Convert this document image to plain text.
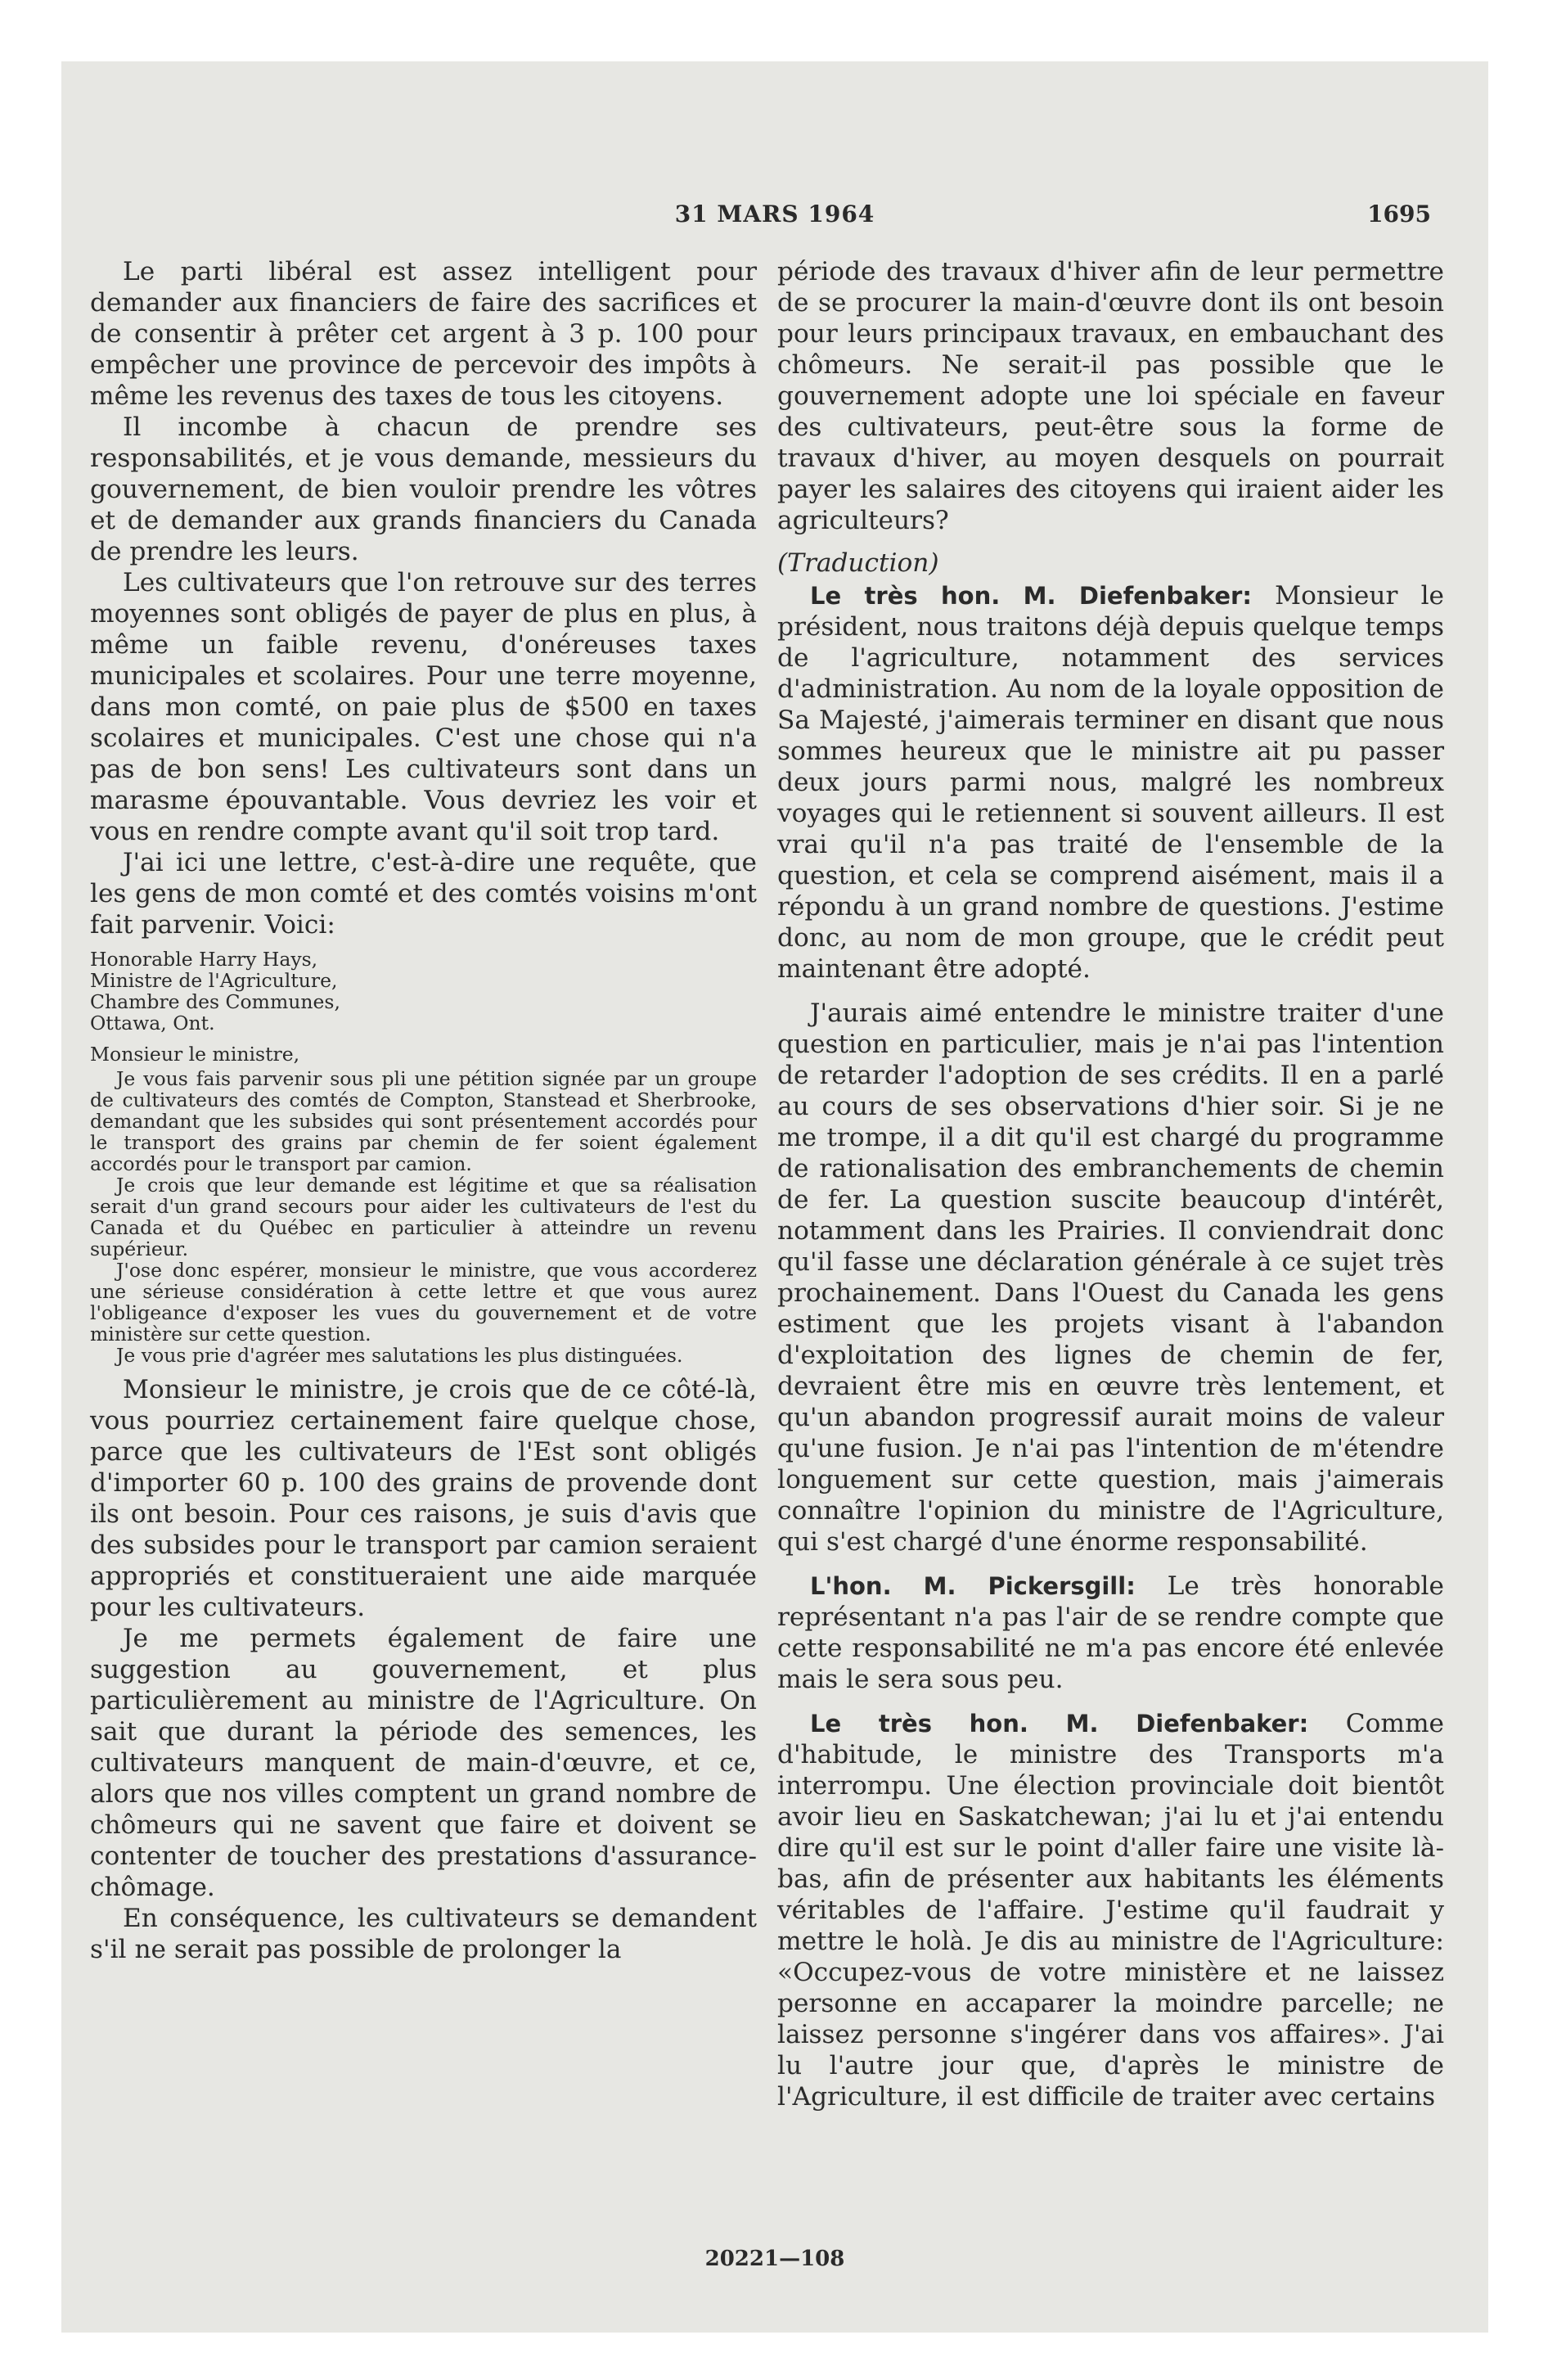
31 MARS 1964	1695

Le parti libéral est assez intelligent pour demander aux financiers de faire des sacrifices et de consentir à prêter cet argent à 3 p. 100 pour empêcher une province de percevoir des impôts à même les revenus des taxes de tous les citoyens.

Il incombe à chacun de prendre ses responsabilités, et je vous demande, messieurs du gouvernement, de bien vouloir prendre les vôtres et de demander aux grands financiers du Canada de prendre les leurs.

Les cultivateurs que l'on retrouve sur des terres moyennes sont obligés de payer de plus en plus, à même un faible revenu, d'onéreuses taxes municipales et scolaires. Pour une terre moyenne, dans mon comté, on paie plus de $500 en taxes scolaires et municipales. C'est une chose qui n'a pas de bon sens! Les cultivateurs sont dans un marasme épouvantable. Vous devriez les voir et vous en rendre compte avant qu'il soit trop tard.

J'ai ici une lettre, c'est-à-dire une requête, que les gens de mon comté et des comtés voisins m'ont fait parvenir. Voici:

Honorable Harry Hays,
Ministre de l'Agriculture,
Chambre des Communes,
Ottawa, Ont.
Monsieur le ministre,

Je vous fais parvenir sous pli une pétition signée par un groupe de cultivateurs des comtés de Compton, Stanstead et Sherbrooke, demandant que les subsides qui sont présentement accordés pour le transport des grains par chemin de fer soient également accordés pour le transport par camion.

Je crois que leur demande est légitime et que sa réalisation serait d'un grand secours pour aider les cultivateurs de l'est du Canada et du Québec en particulier à atteindre un revenu supérieur.

J'ose donc espérer, monsieur le ministre, que vous accorderez une sérieuse considération à cette lettre et que vous aurez l'obligeance d'exposer les vues du gouvernement et de votre ministère sur cette question.

Je vous prie d'agréer mes salutations les plus distinguées.

Monsieur le ministre, je crois que de ce côté-là, vous pourriez certainement faire quelque chose, parce que les cultivateurs de l'Est sont obligés d'importer 60 p. 100 des grains de provende dont ils ont besoin. Pour ces raisons, je suis d'avis que des subsides pour le transport par camion seraient appropriés et constitueraient une aide marquée pour les cultivateurs.

Je me permets également de faire une suggestion au gouvernement, et plus particulièrement au ministre de l'Agriculture. On sait que durant la période des semences, les cultivateurs manquent de main-d'œuvre, et ce, alors que nos villes comptent un grand nombre de chômeurs qui ne savent que faire et doivent se contenter de toucher des prestations d'assurance-chômage.

En conséquence, les cultivateurs se demandent s'il ne serait pas possible de prolonger la

période des travaux d'hiver afin de leur permettre de se procurer la main-d'œuvre dont ils ont besoin pour leurs principaux travaux, en embauchant des chômeurs. Ne serait-il pas possible que le gouvernement adopte une loi spéciale en faveur des cultivateurs, peut-être sous la forme de travaux d'hiver, au moyen desquels on pourrait payer les salaires des citoyens qui iraient aider les agriculteurs?

(Traduction)

Le très hon. M. Diefenbaker: Monsieur le président, nous traitons déjà depuis quelque temps de l'agriculture, notamment des services d'administration. Au nom de la loyale opposition de Sa Majesté, j'aimerais terminer en disant que nous sommes heureux que le ministre ait pu passer deux jours parmi nous, malgré les nombreux voyages qui le retiennent si souvent ailleurs. Il est vrai qu'il n'a pas traité de l'ensemble de la question, et cela se comprend aisément, mais il a répondu à un grand nombre de questions. J'estime donc, au nom de mon groupe, que le crédit peut maintenant être adopté.

J'aurais aimé entendre le ministre traiter d'une question en particulier, mais je n'ai pas l'intention de retarder l'adoption de ses crédits. Il en a parlé au cours de ses observations d'hier soir. Si je ne me trompe, il a dit qu'il est chargé du programme de rationalisation des embranchements de chemin de fer. La question suscite beaucoup d'intérêt, notamment dans les Prairies. Il conviendrait donc qu'il fasse une déclaration générale à ce sujet très prochainement. Dans l'Ouest du Canada les gens estiment que les projets visant à l'abandon d'exploitation des lignes de chemin de fer, devraient être mis en œuvre très lentement, et qu'un abandon progressif aurait moins de valeur qu'une fusion. Je n'ai pas l'intention de m'étendre longuement sur cette question, mais j'aimerais connaître l'opinion du ministre de l'Agriculture, qui s'est chargé d'une énorme responsabilité.

L'hon. M. Pickersgill: Le très honorable représentant n'a pas l'air de se rendre compte que cette responsabilité ne m'a pas encore été enlevée mais le sera sous peu.

Le très hon. M. Diefenbaker: Comme d'habitude, le ministre des Transports m'a interrompu. Une élection provinciale doit bientôt avoir lieu en Saskatchewan; j'ai lu et j'ai entendu dire qu'il est sur le point d'aller faire une visite là-bas, afin de présenter aux habitants les éléments véritables de l'affaire. J'estime qu'il faudrait y mettre le holà. Je dis au ministre de l'Agriculture: «Occupez-vous de votre ministère et ne laissez personne en accaparer la moindre parcelle; ne laissez personne s'ingérer dans vos affaires». J'ai lu l'autre jour que, d'après le ministre de l'Agriculture, il est difficile de traiter avec certains

20221—108
